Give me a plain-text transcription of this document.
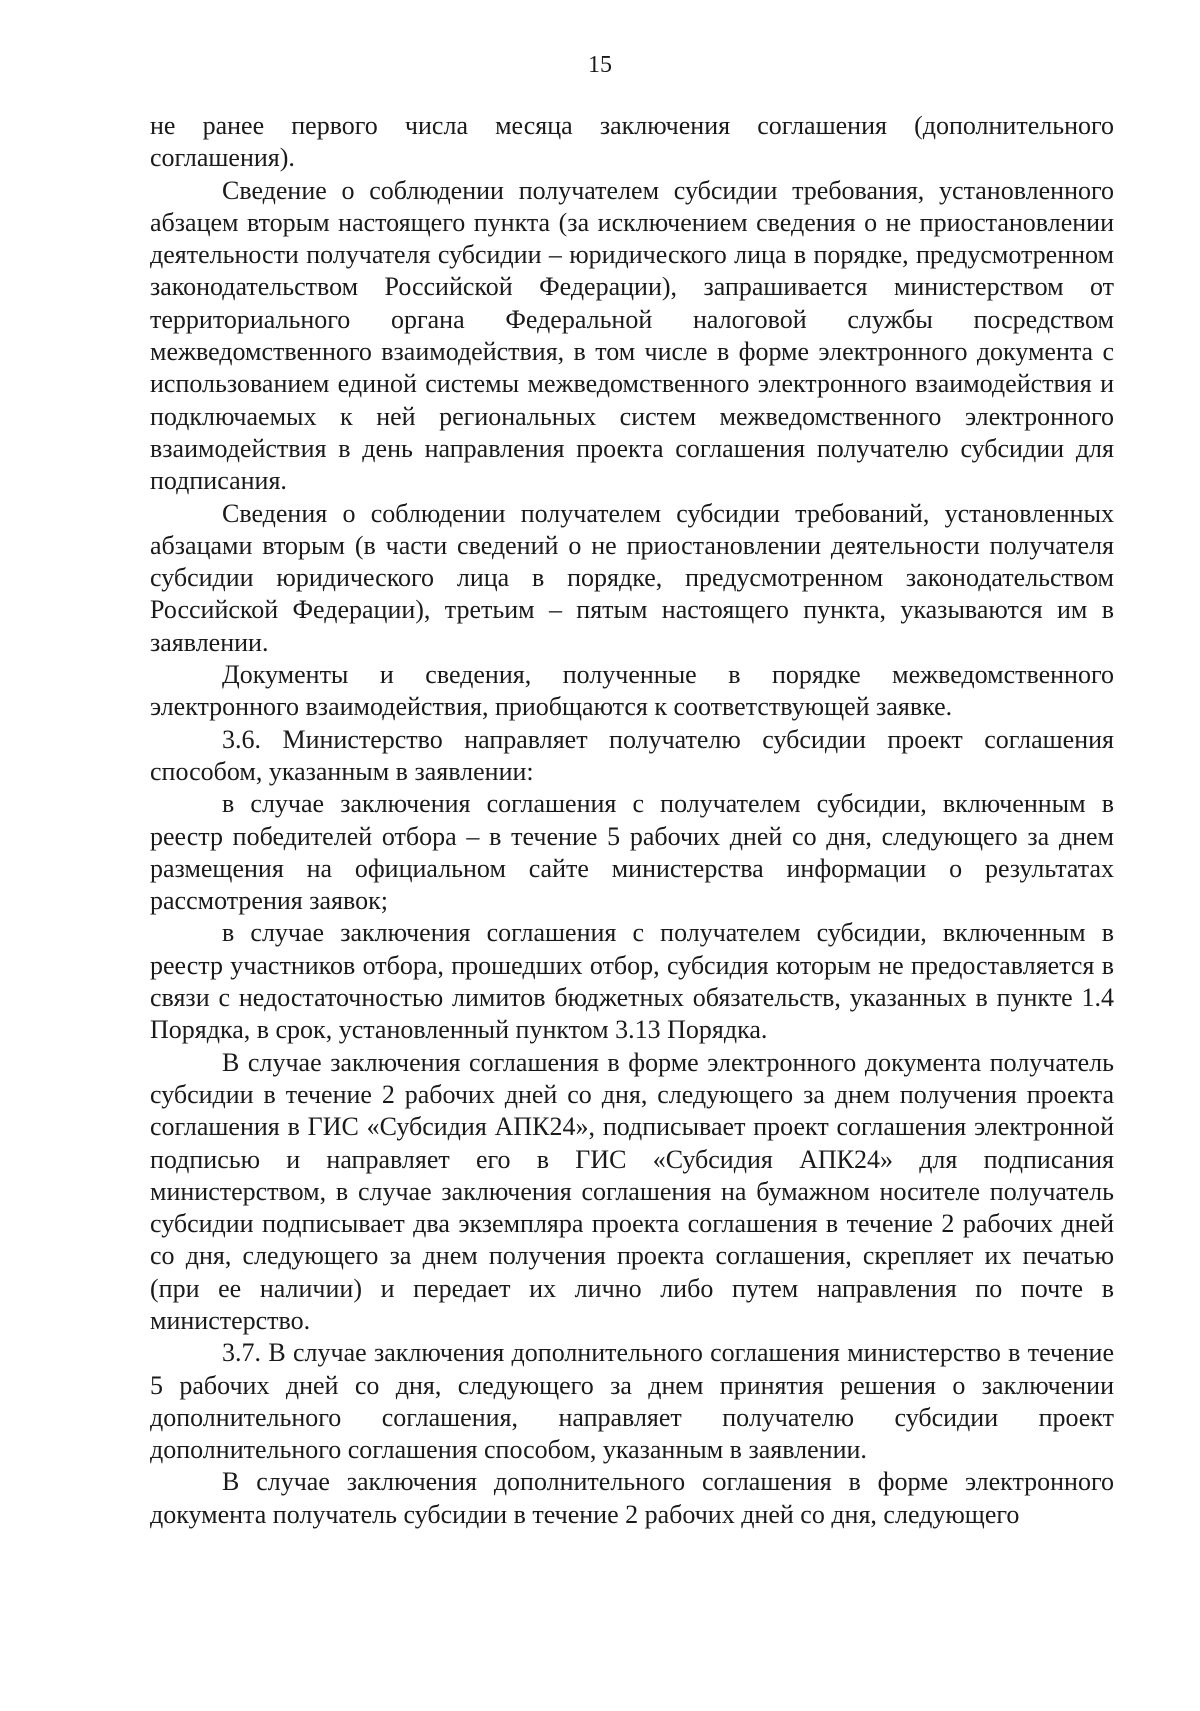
15

не ранее первого числа месяца заключения соглашения (дополнительного соглашения).

Сведение о соблюдении получателем субсидии требования, установленного абзацем вторым настоящего пункта (за исключением сведения о не приостановлении деятельности получателя субсидии – юридического лица в порядке, предусмотренном законодательством Российской Федерации), запрашивается министерством от территориального органа Федеральной налоговой службы посредством межведомственного взаимодействия, в том числе в форме электронного документа с использованием единой системы межведомственного электронного взаимодействия и подключаемых к ней региональных систем межведомственного электронного взаимодействия в день направления проекта соглашения получателю субсидии для подписания.

Сведения о соблюдении получателем субсидии требований, установленных абзацами вторым (в части сведений о не приостановлении деятельности получателя субсидии юридического лица в порядке, предусмотренном законодательством Российской Федерации), третьим – пятым настоящего пункта, указываются им в заявлении.

Документы и сведения, полученные в порядке межведомственного электронного взаимодействия, приобщаются к соответствующей заявке.

3.6. Министерство направляет получателю субсидии проект соглашения способом, указанным в заявлении:

в случае заключения соглашения с получателем субсидии, включенным в реестр победителей отбора – в течение 5 рабочих дней со дня, следующего за днем размещения на официальном сайте министерства информации о результатах рассмотрения заявок;

в случае заключения соглашения с получателем субсидии, включенным в реестр участников отбора, прошедших отбор, субсидия которым не предоставляется в связи с недостаточностью лимитов бюджетных обязательств, указанных в пункте 1.4 Порядка, в срок, установленный пунктом 3.13 Порядка.

В случае заключения соглашения в форме электронного документа получатель субсидии в течение 2 рабочих дней со дня, следующего за днем получения проекта соглашения в ГИС «Субсидия АПК24», подписывает проект соглашения электронной подписью и направляет его в ГИС «Субсидия АПК24» для подписания министерством, в случае заключения соглашения на бумажном носителе получатель субсидии подписывает два экземпляра проекта соглашения в течение 2 рабочих дней со дня, следующего за днем получения проекта соглашения, скрепляет их печатью (при ее наличии) и передает их лично либо путем направления по почте в министерство.

3.7. В случае заключения дополнительного соглашения министерство в течение 5 рабочих дней со дня, следующего за днем принятия решения о заключении дополнительного соглашения, направляет получателю субсидии проект дополнительного соглашения способом, указанным в заявлении.

В случае заключения дополнительного соглашения в форме электронного документа получатель субсидии в течение 2 рабочих дней со дня, следующего
